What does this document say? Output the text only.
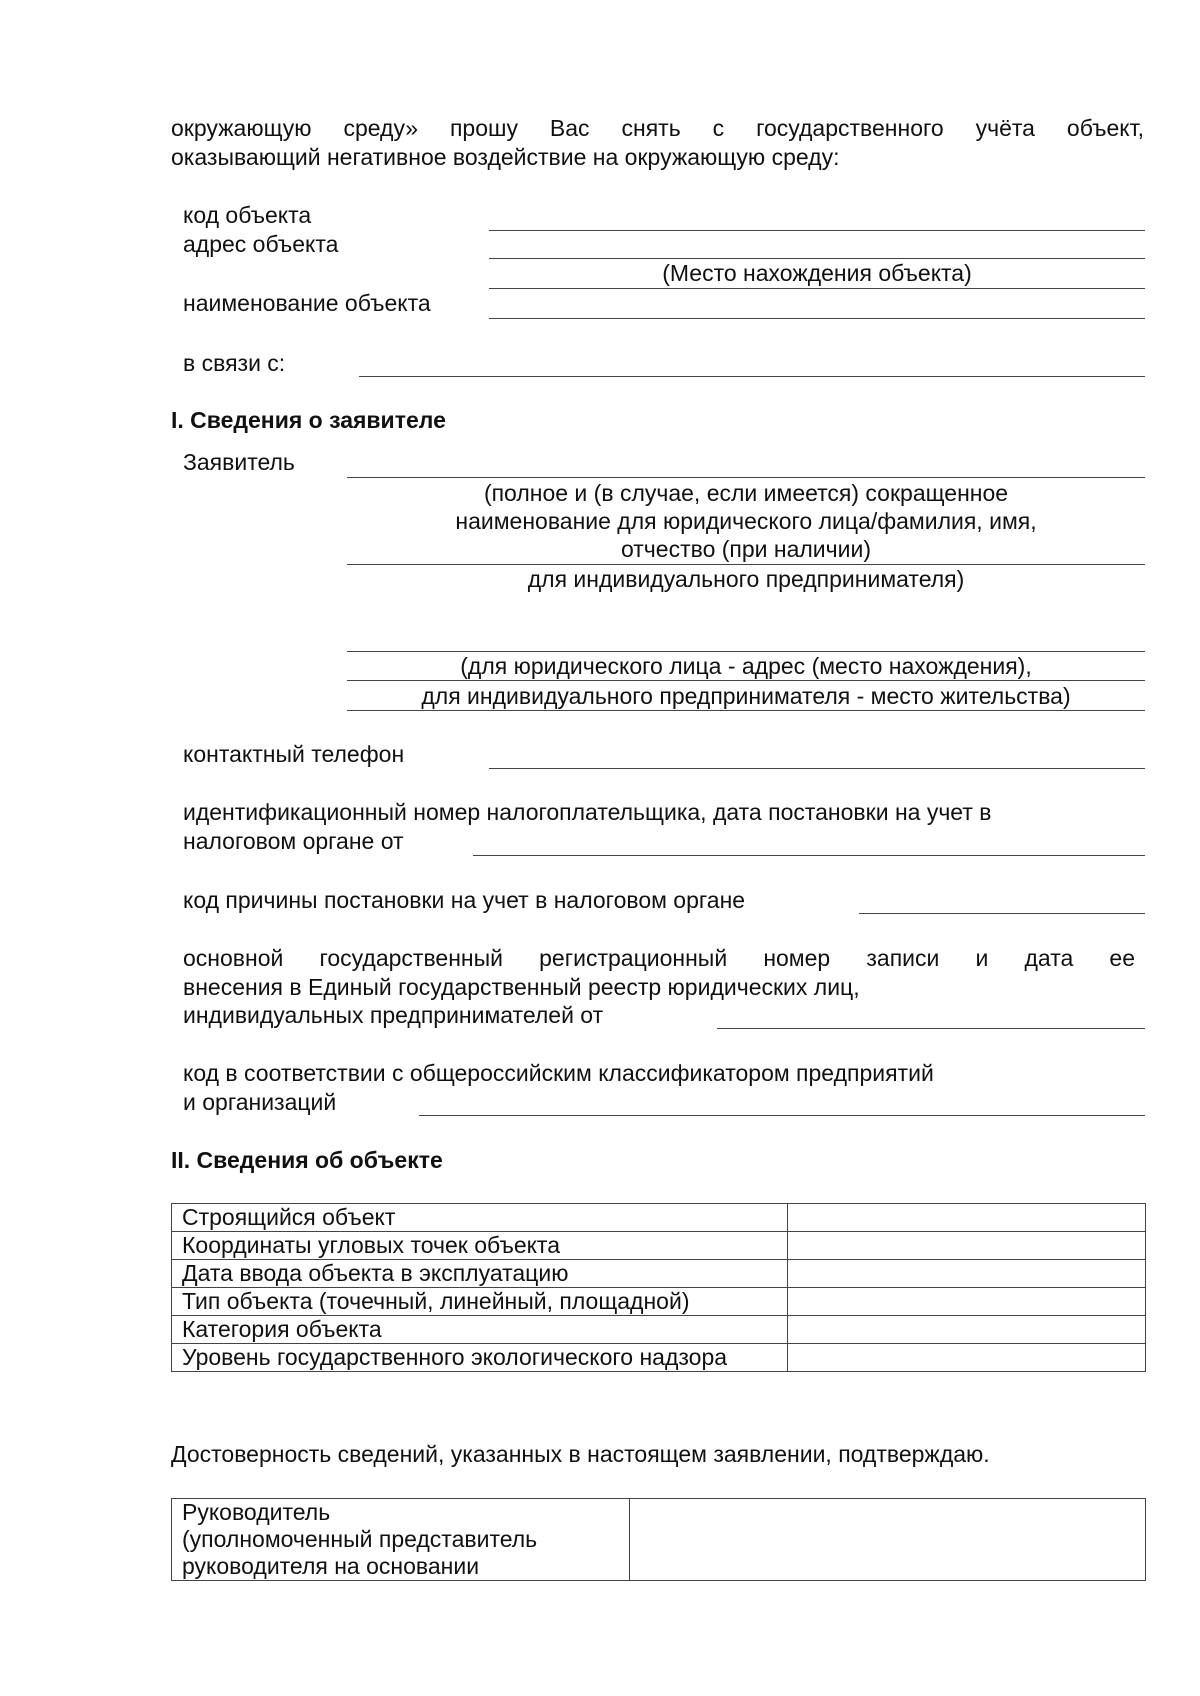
окружающую среду» прошу Вас снять с государственного учёта объект,
оказывающий негативное воздействие на окружающую среду:
код объекта
адрес объекта
(Место нахождения объекта)
наименование объекта
в связи с:
I. Сведения о заявителе
Заявитель
(полное и (в случае, если имеется) сокращенное
наименование для юридического лица/фамилия, имя,
отчество (при наличии)
для индивидуального предпринимателя)
(для юридического лица - адрес (место нахождения),
для индивидуального предпринимателя - место жительства)
контактный телефон
идентификационный номер налогоплательщика, дата постановки на учет в
налоговом органе от
код причины постановки на учет в налоговом органе
основной государственный регистрационный номер записи и дата ее
внесения в Единый государственный реестр юридических лиц,
индивидуальных предпринимателей от
код в соответствии с общероссийским классификатором предприятий
и организаций
II. Сведения об объекте
Строящийся объект	
Координаты угловых точек объекта	
Дата ввода объекта в эксплуатацию	
Тип объекта (точечный, линейный, площадной)	
Категория объекта	
Уровень государственного экологического надзора	
Достоверность сведений, указанных в настоящем заявлении, подтверждаю.
Руководитель
(уполномоченный представитель
руководителя на основании
